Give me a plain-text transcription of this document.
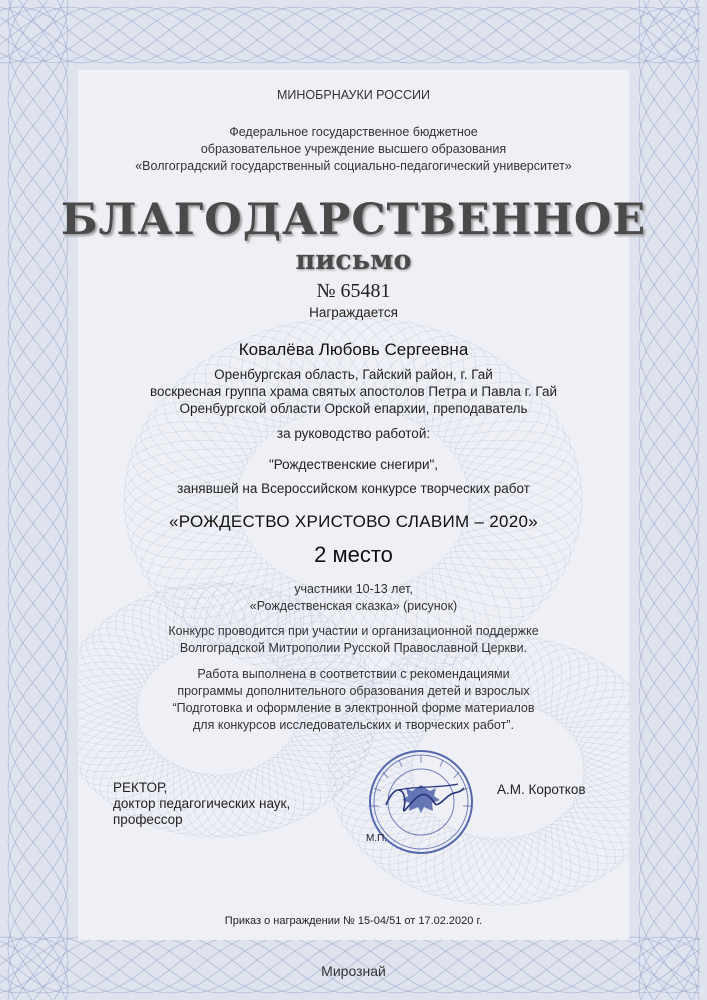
МИНОБРНАУКИ РОССИИ
Федеральное государственное бюджетное
образовательное учреждение высшего образования
«Волгоградский государственный социально-педагогический университет»
БЛАГОДАРСТВЕННОЕ
письмо
№ 65481
Награждается
Ковалёва Любовь Сергеевна
Оренбургская область, Гайский район, г. Гай
воскресная группа храма святых апостолов Петра и Павла г. Гай
Оренбургской области Орской епархии, преподаватель
за руководство работой:
"Рождественские снегири",
занявшей на Всероссийском конкурсе творческих работ
«РОЖДЕСТВО ХРИСТОВО СЛАВИМ – 2020»
2 место
участники 10-13 лет,
«Рождественская сказка» (рисунок)
Конкурс проводится при участии и организационной поддержке
Волгоградской Митрополии Русской Православной Церкви.
Работа выполнена в соответствии с рекомендациями
программы дополнительного образования детей и взрослых
“Подготовка и оформление в электронной форме материалов
для конкурсов исследовательских и творческих работ”.
РЕКТОР,
доктор педагогических наук,
профессор
М.П.
А.М. Коротков
Приказ о награждении № 15-04/51 от 17.02.2020 г.
Мирознай
